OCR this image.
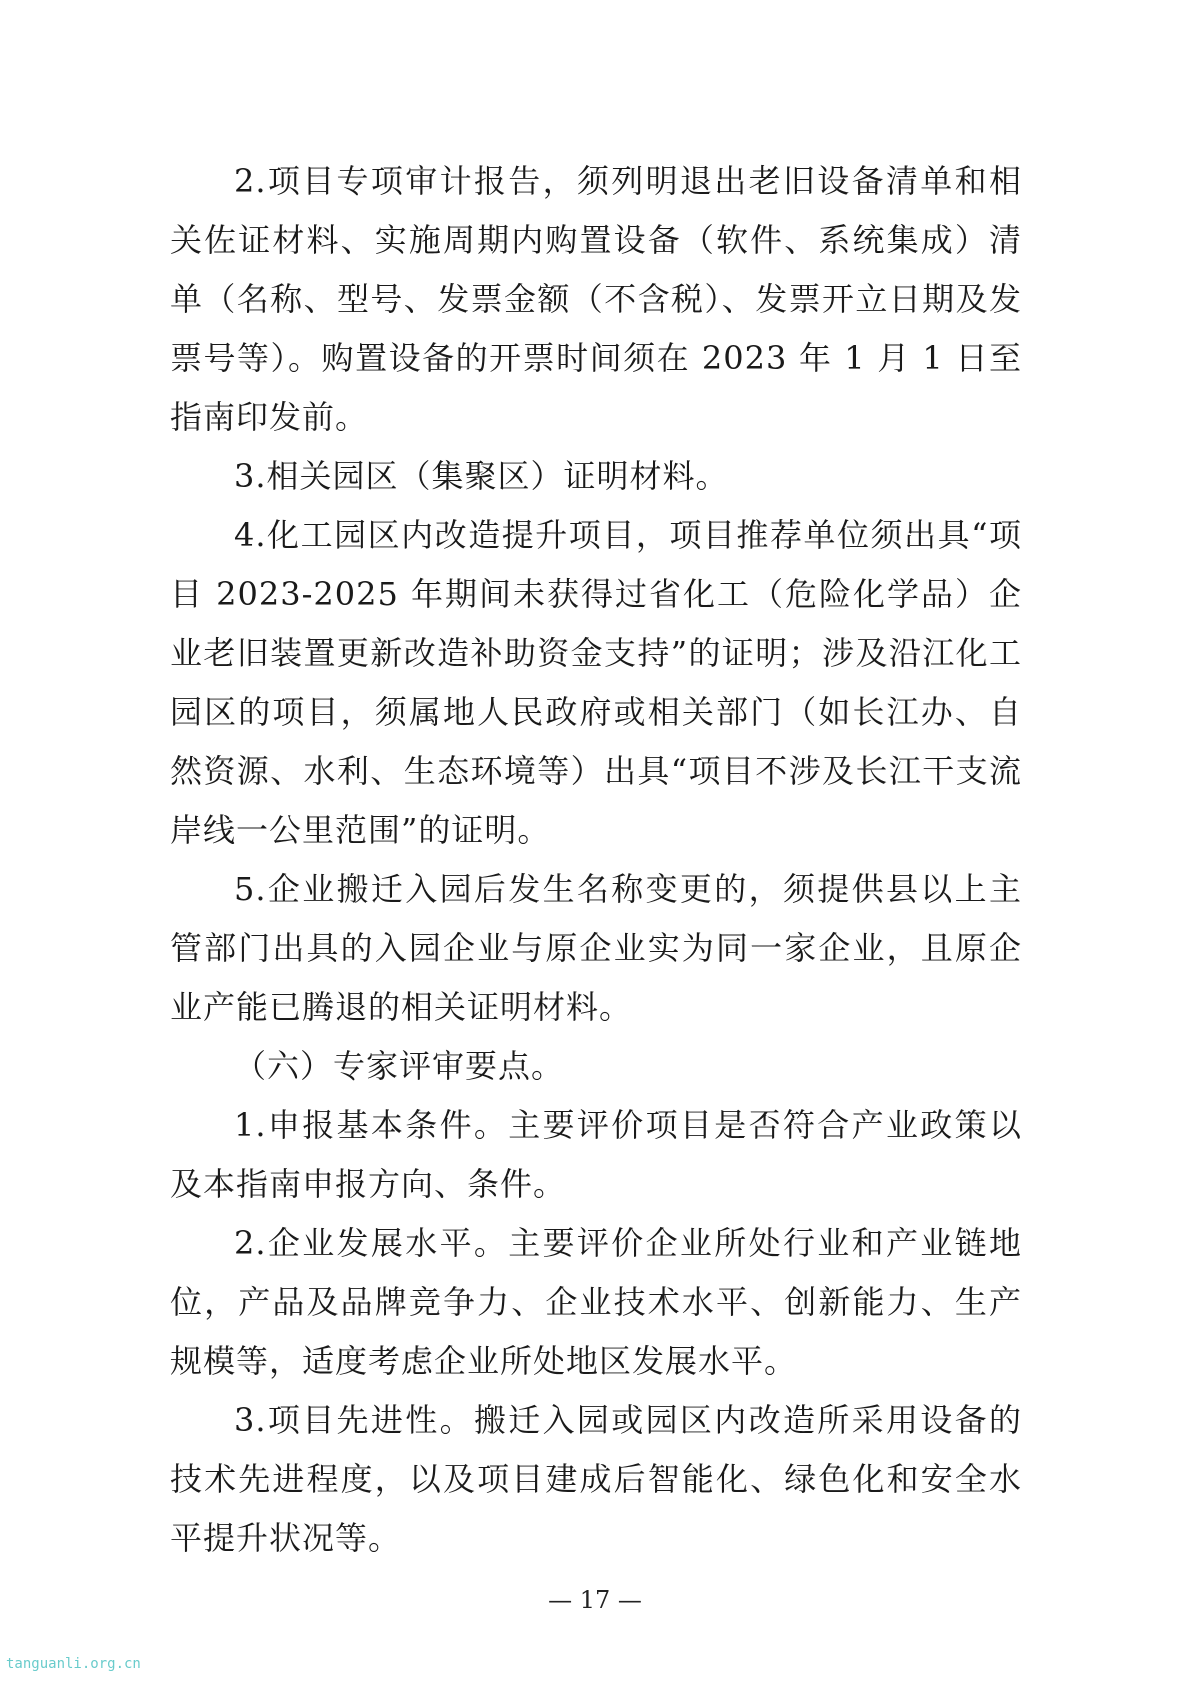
2.项目专项审计报告，须列明退出老旧设备清单和相关佐证材料、实施周期内购置设备（软件、系统集成）清单（名称、型号、发票金额（不含税）、发票开立日期及发票号等）。购置设备的开票时间须在 2023 年 1 月 1 日至指南印发前。

3.相关园区（集聚区）证明材料。

4.化工园区内改造提升项目，项目推荐单位须出具“项目 2023-2025 年期间未获得过省化工（危险化学品）企业老旧装置更新改造补助资金支持”的证明；涉及沿江化工园区的项目，须属地人民政府或相关部门（如长江办、自然资源、水利、生态环境等）出具“项目不涉及长江干支流岸线一公里范围”的证明。

5.企业搬迁入园后发生名称变更的，须提供县以上主管部门出具的入园企业与原企业实为同一家企业，且原企业产能已腾退的相关证明材料。

（六）专家评审要点。

1.申报基本条件。主要评价项目是否符合产业政策以及本指南申报方向、条件。

2.企业发展水平。主要评价企业所处行业和产业链地位，产品及品牌竞争力、企业技术水平、创新能力、生产规模等，适度考虑企业所处地区发展水平。

3.项目先进性。搬迁入园或园区内改造所采用设备的技术先进程度，以及项目建成后智能化、绿色化和安全水平提升状况等。

— 17 —
tanguanli.org.cn
